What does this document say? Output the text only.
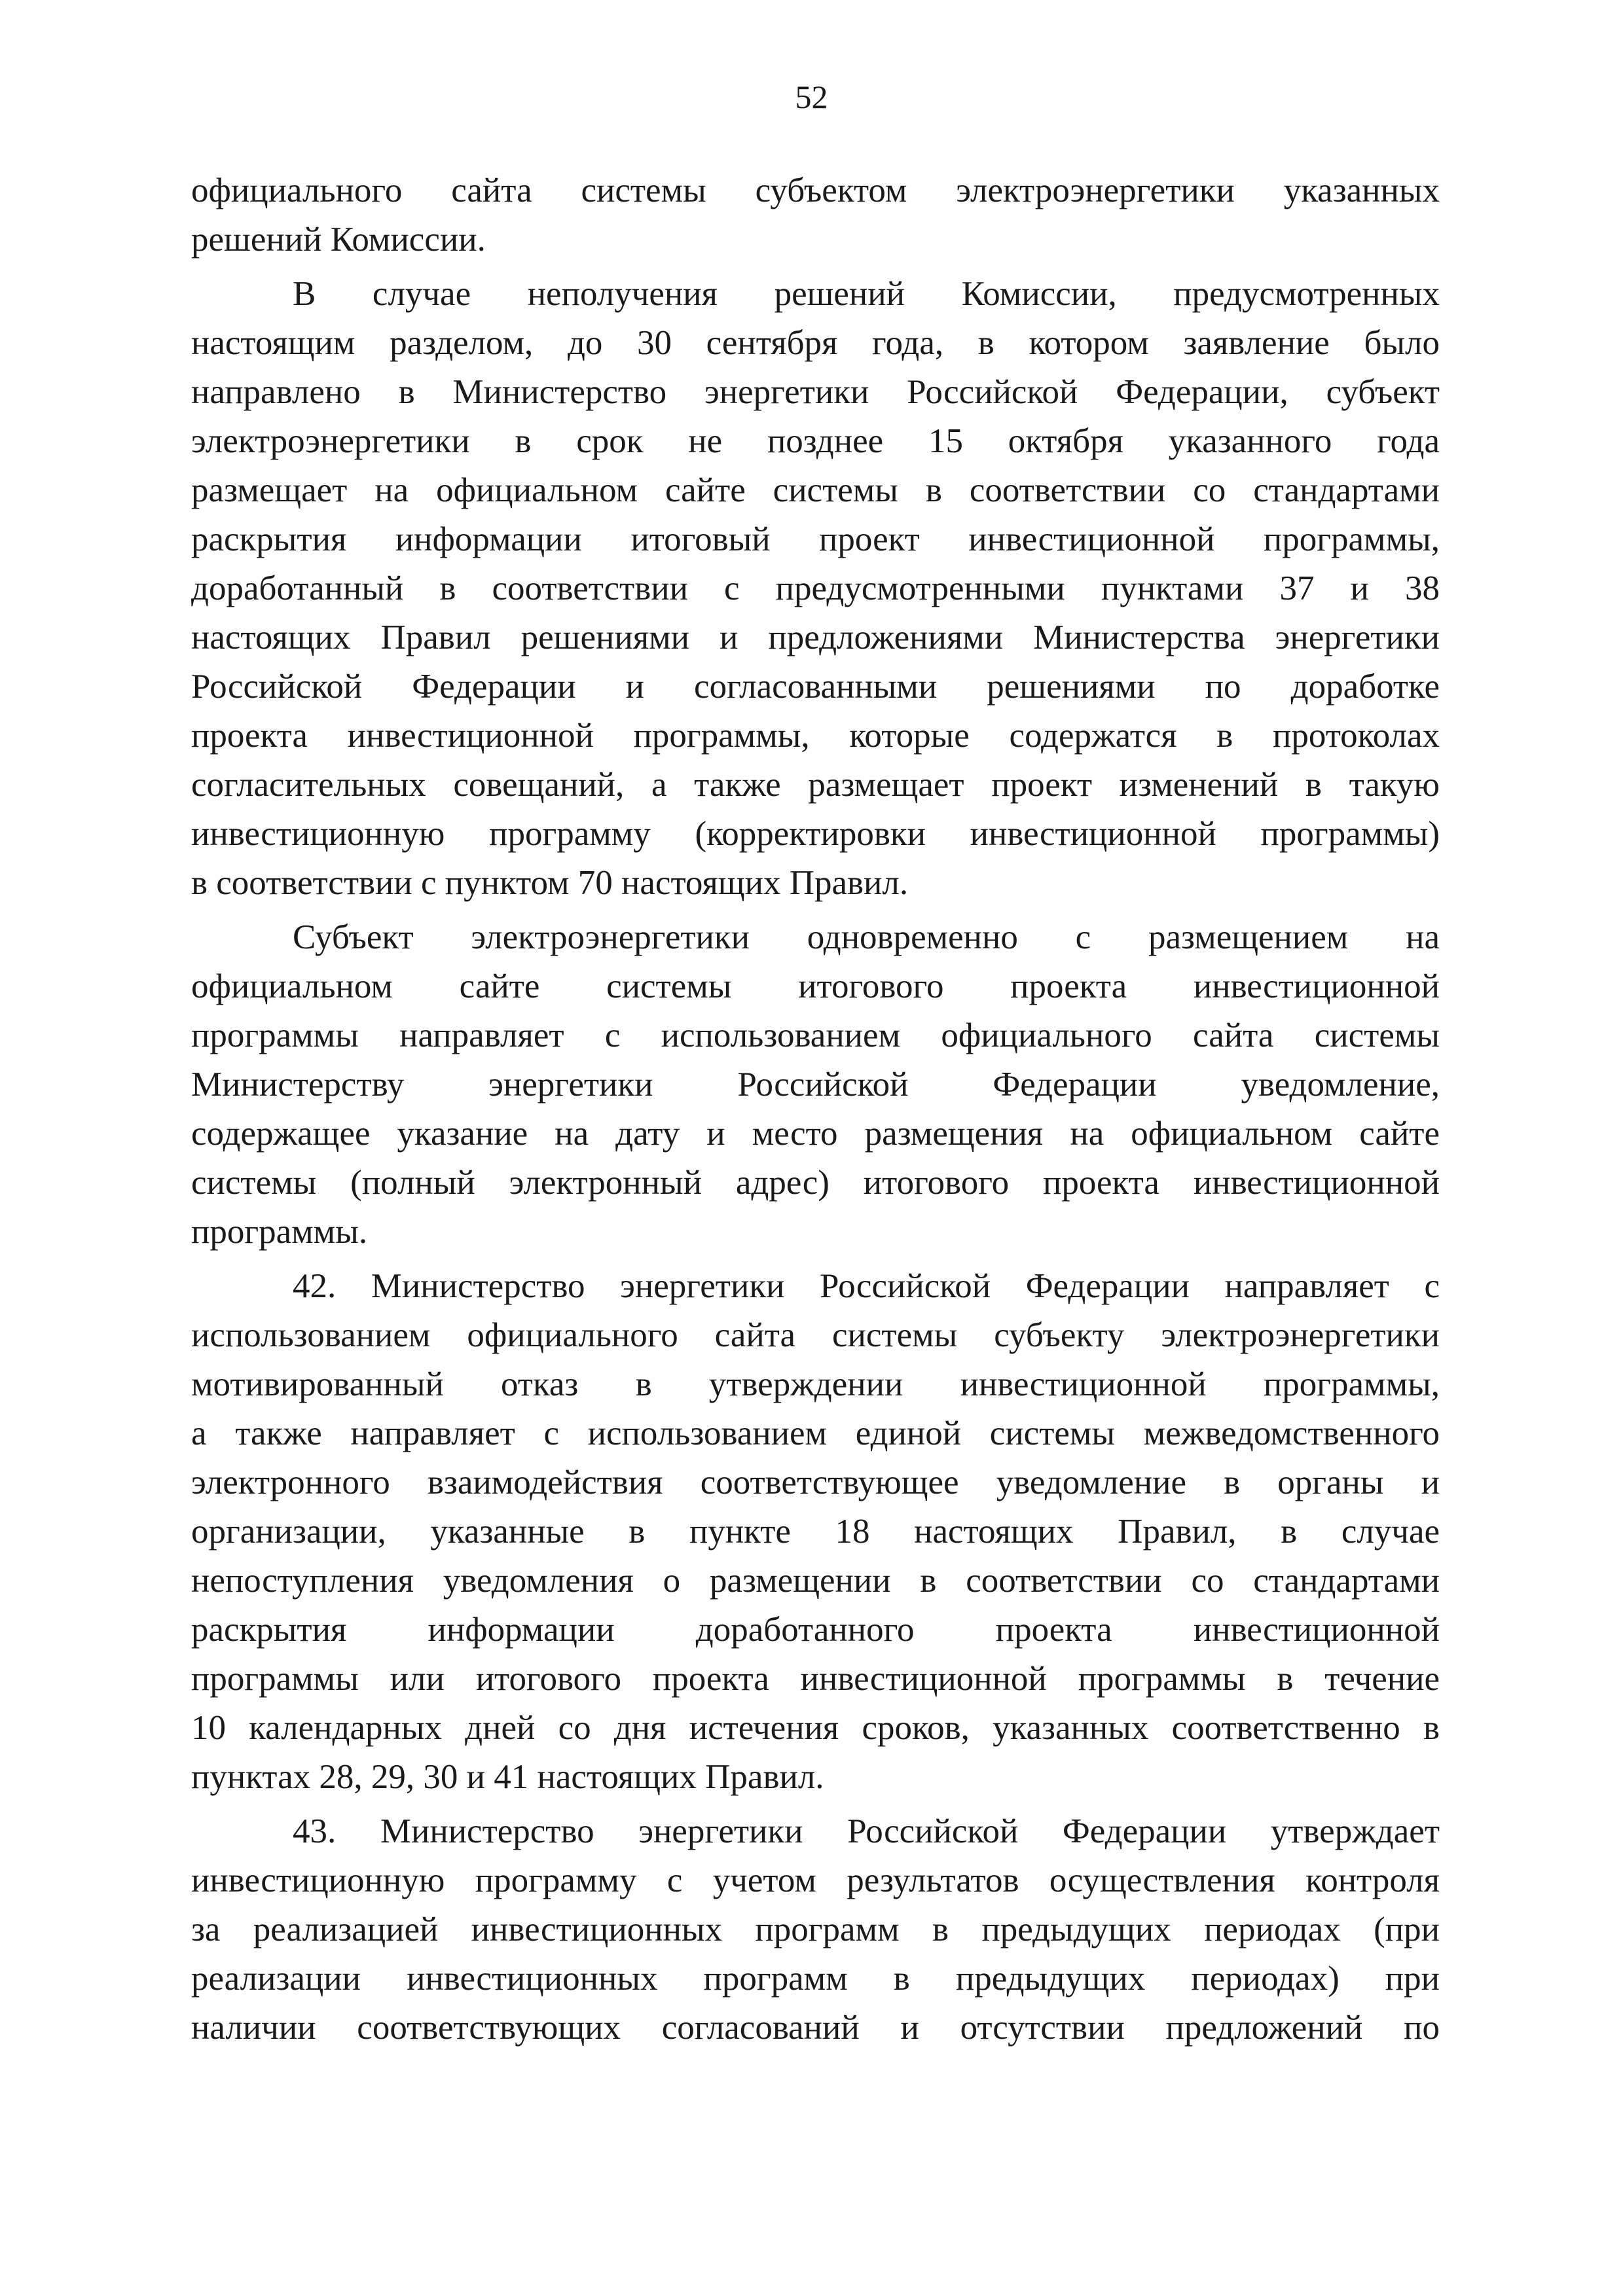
52
официального сайта системы субъектом электроэнергетики указанных
решений Комиссии.
В случае неполучения решений Комиссии, предусмотренных
настоящим разделом, до 30 сентября года, в котором заявление было
направлено в Министерство энергетики Российской Федерации, субъект
электроэнергетики в срок не позднее 15 октября указанного года
размещает на официальном сайте системы в соответствии со стандартами
раскрытия информации итоговый проект инвестиционной программы,
доработанный в соответствии с предусмотренными пунктами 37 и 38
настоящих Правил решениями и предложениями Министерства энергетики
Российской Федерации и согласованными решениями по доработке
проекта инвестиционной программы, которые содержатся в протоколах
согласительных совещаний, а также размещает проект изменений в такую
инвестиционную программу (корректировки инвестиционной программы)
в соответствии с пунктом 70 настоящих Правил.
Субъект электроэнергетики одновременно с размещением на
официальном сайте системы итогового проекта инвестиционной
программы направляет с использованием официального сайта системы
Министерству энергетики Российской Федерации уведомление,
содержащее указание на дату и место размещения на официальном сайте
системы (полный электронный адрес) итогового проекта инвестиционной
программы.
42. Министерство энергетики Российской Федерации направляет с
использованием официального сайта системы субъекту электроэнергетики
мотивированный отказ в утверждении инвестиционной программы,
а также направляет с использованием единой системы межведомственного
электронного взаимодействия соответствующее уведомление в органы и
организации, указанные в пункте 18 настоящих Правил, в случае
непоступления уведомления о размещении в соответствии со стандартами
раскрытия информации доработанного проекта инвестиционной
программы или итогового проекта инвестиционной программы в течение
10 календарных дней со дня истечения сроков, указанных соответственно в
пунктах 28, 29, 30 и 41 настоящих Правил.
43. Министерство энергетики Российской Федерации утверждает
инвестиционную программу с учетом результатов осуществления контроля
за реализацией инвестиционных программ в предыдущих периодах (при
реализации инвестиционных программ в предыдущих периодах) при
наличии соответствующих согласований и отсутствии предложений по
